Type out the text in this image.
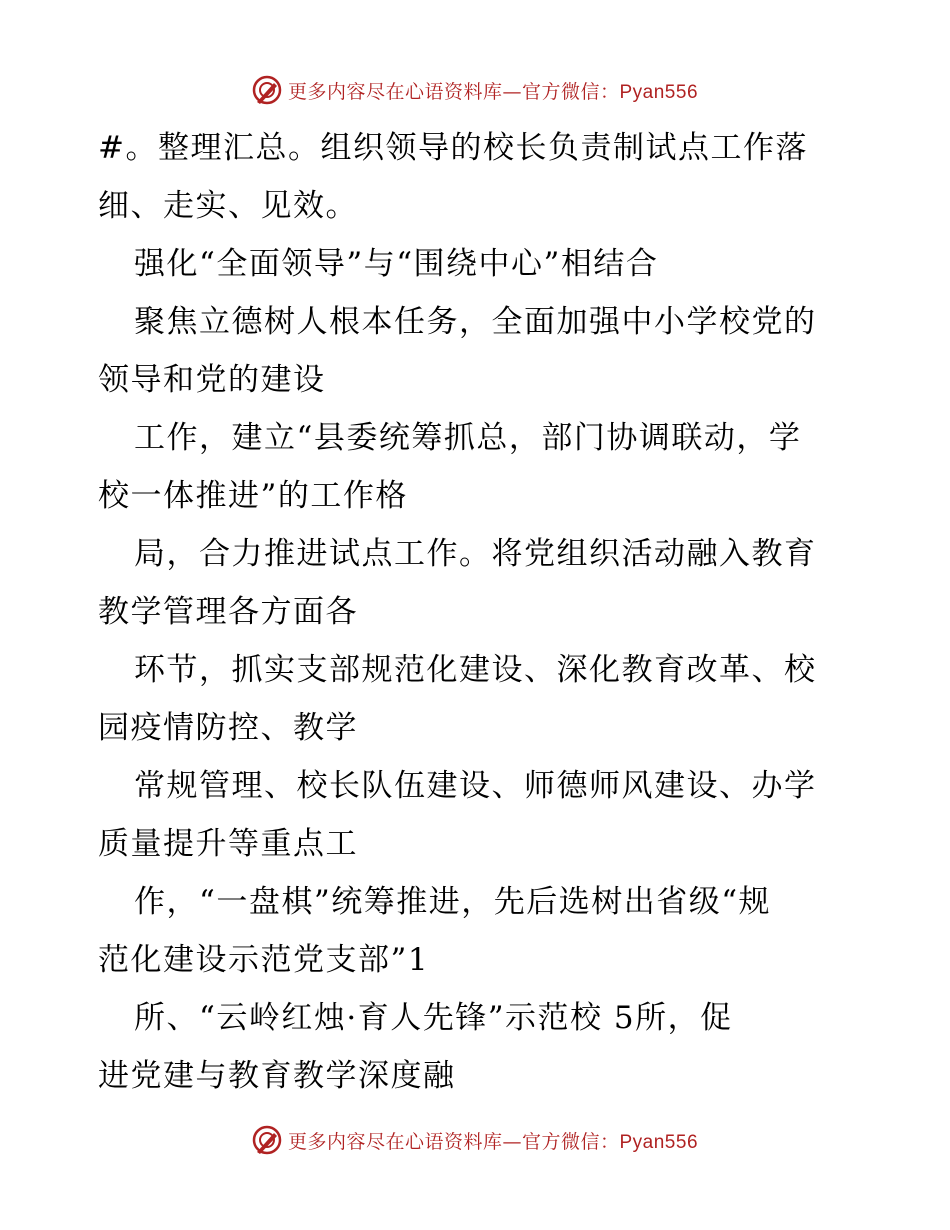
更多内容尽在心语资料库—官方微信：Pyan556
#。整理汇总。组织领导的校长负责制试点工作落
细、走实、见效。
强化“全面领导”与“围绕中心”相结合
聚焦立德树人根本任务，全面加强中小学校党的
领导和党的建设
工作，建立“县委统筹抓总，部门协调联动，学
校一体推进”的工作格
局，合力推进试点工作。将党组织活动融入教育
教学管理各方面各
环节，抓实支部规范化建设、深化教育改革、校
园疫情防控、教学
常规管理、校长队伍建设、师德师风建设、办学
质量提升等重点工
作，“一盘棋”统筹推进，先后选树出省级“规
范化建设示范党支部”1
所、“云岭红烛·育人先锋”示范校 5所，促
进党建与教育教学深度融
更多内容尽在心语资料库—官方微信：Pyan556
